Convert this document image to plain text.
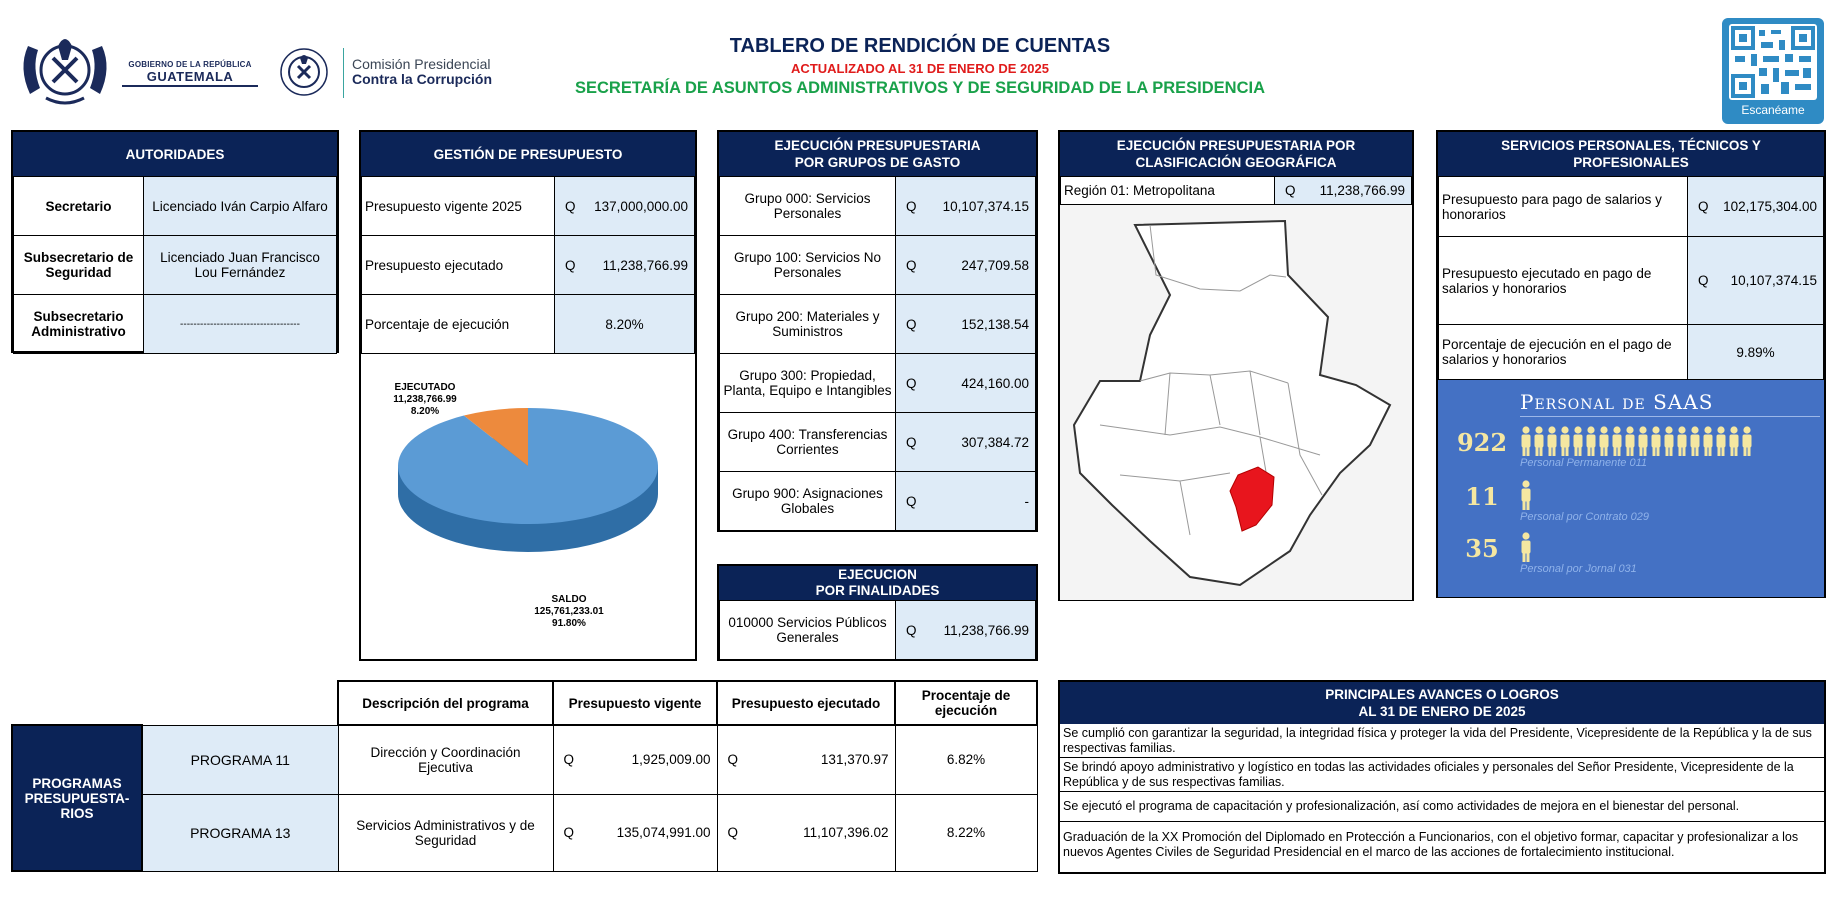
GOBIERNO DE LA REPÚBLICA
GUATEMALA
Comisión Presidencial
Contra la Corrupción
TABLERO DE RENDICIÓN DE CUENTAS
ACTUALIZADO AL 31 DE ENERO DE 2025
SECRETARÍA DE ASUNTOS ADMINISTRATIVOS Y DE SEGURIDAD DE LA PRESIDENCIA
Escanéame
AUTORIDADES
Secretario	Licenciado Iván Carpio Alfaro
Subsecretario de Seguridad	Licenciado Juan Francisco Lou Fernández
Subsecretario Administrativo	------------------------------------
GESTIÓN DE PRESUPUESTO
Presupuesto vigente 2025	Q 137,000,000.00

Presupuesto ejecutado	Q 11,238,766.99

Porcentaje de ejecución	8.20%
EJECUTADO
11,238,766.99
8.20%
SALDO
125,761,233.01
91.80%
EJECUCIÓN PRESUPUESTARIA
POR GRUPOS DE GASTO
Grupo 000: Servicios Personales	Q 10,107,374.15

Grupo 100: Servicios No Personales	Q 247,709.58

Grupo 200: Materiales y Suministros	Q 152,138.54

Grupo 300: Propiedad, Planta, Equipo e Intangibles	Q 424,160.00

Grupo 400: Transferencias Corrientes	Q 307,384.72

Grupo 900: Asignaciones Globales	Q -
EJECUCION
POR FINALIDADES
010000 Servicios Públicos Generales	Q 11,238,766.99
EJECUCIÓN PRESUPUESTARIA POR
CLASIFICACIÓN GEOGRÁFICA
Región 01: Metropolitana	Q 11,238,766.99
SERVICIOS PERSONALES, TÉCNICOS Y PROFESIONALES
Presupuesto para pago de salarios y honorarios	Q 102,175,304.00

Presupuesto ejecutado en pago de salarios y honorarios	Q 10,107,374.15

Porcentaje de ejecución en el pago de salarios y honorarios	9.89%
Personal de SAAS
922
Personal Permanente 011
11
Personal por Contrato 029
35
Personal por Jornal 031
		Descripción del programa	Presupuesto vigente	Presupuesto ejecutado	Procentaje de ejecución
PROGRAMAS PRESUPUESTA-RIOS	PROGRAMA 11	Dirección y Coordinación Ejecutiva	Q 1,925,009.00	Q 131,370.97	6.82%
	PROGRAMA 13	Servicios Administrativos y de Seguridad	Q 135,074,991.00	Q 11,107,396.02	8.22%
PRINCIPALES AVANCES O LOGROS
AL 31 DE ENERO DE 2025
Se cumplió con garantizar la seguridad, la integridad física y proteger la vida del Presidente, Vicepresidente de la República y la de sus respectivas familias.
Se brindó apoyo administrativo y logístico en todas las actividades oficiales y personales del Señor Presidente, Vicepresidente de la República y de sus respectivas familias.
Se ejecutó el programa de capacitación y profesionalización, así como actividades de mejora en el bienestar del personal.
Graduación de la XX Promoción del Diplomado en Protección a Funcionarios, con el objetivo formar, capacitar y profesionalizar a los nuevos Agentes Civiles de Seguridad Presidencial en el marco de las acciones de fortalecimiento institucional.
